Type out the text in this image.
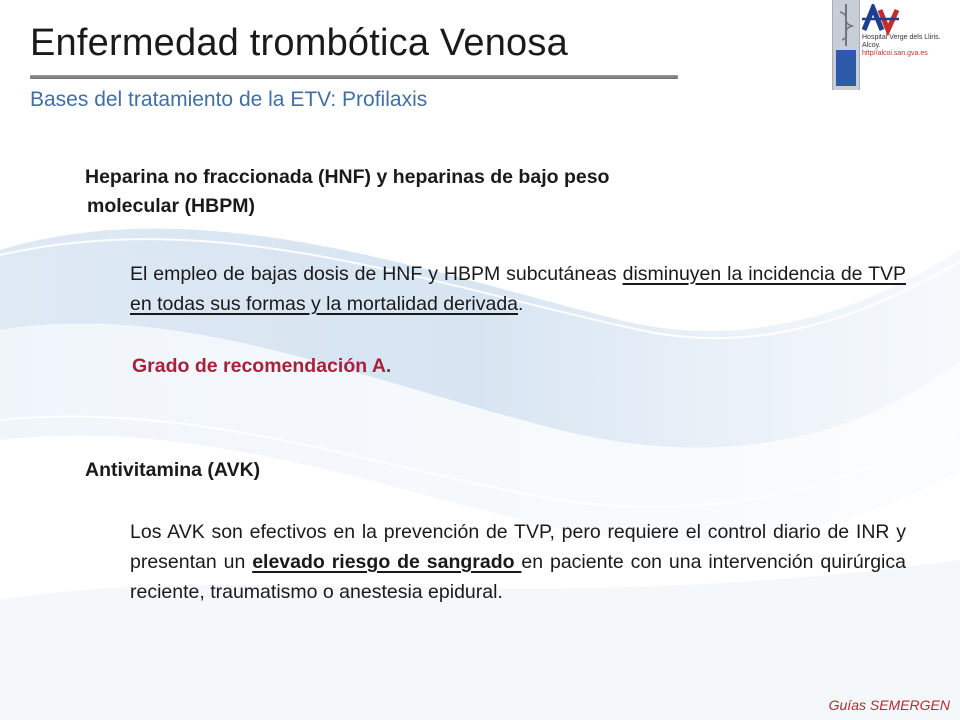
Enfermedad trombótica Venosa
Bases del tratamiento de la ETV: Profilaxis
Hospital Verge dels Lliris.
Alcoy.
http//alcoi.san.gva.es
Heparina no fraccionada (HNF) y heparinas de bajo peso
molecular (HBPM)
El empleo de bajas dosis de HNF y HBPM subcutáneas disminuyen la incidencia de TVP en todas sus formas y la mortalidad derivada.
Grado de recomendación A.
Antivitamina (AVK)
Los AVK son efectivos en la prevención de TVP, pero requiere el control diario de INR y presentan un elevado riesgo de sangrado en paciente con una intervención quirúrgica reciente, traumatismo o anestesia epidural.
Guías SEMERGEN
